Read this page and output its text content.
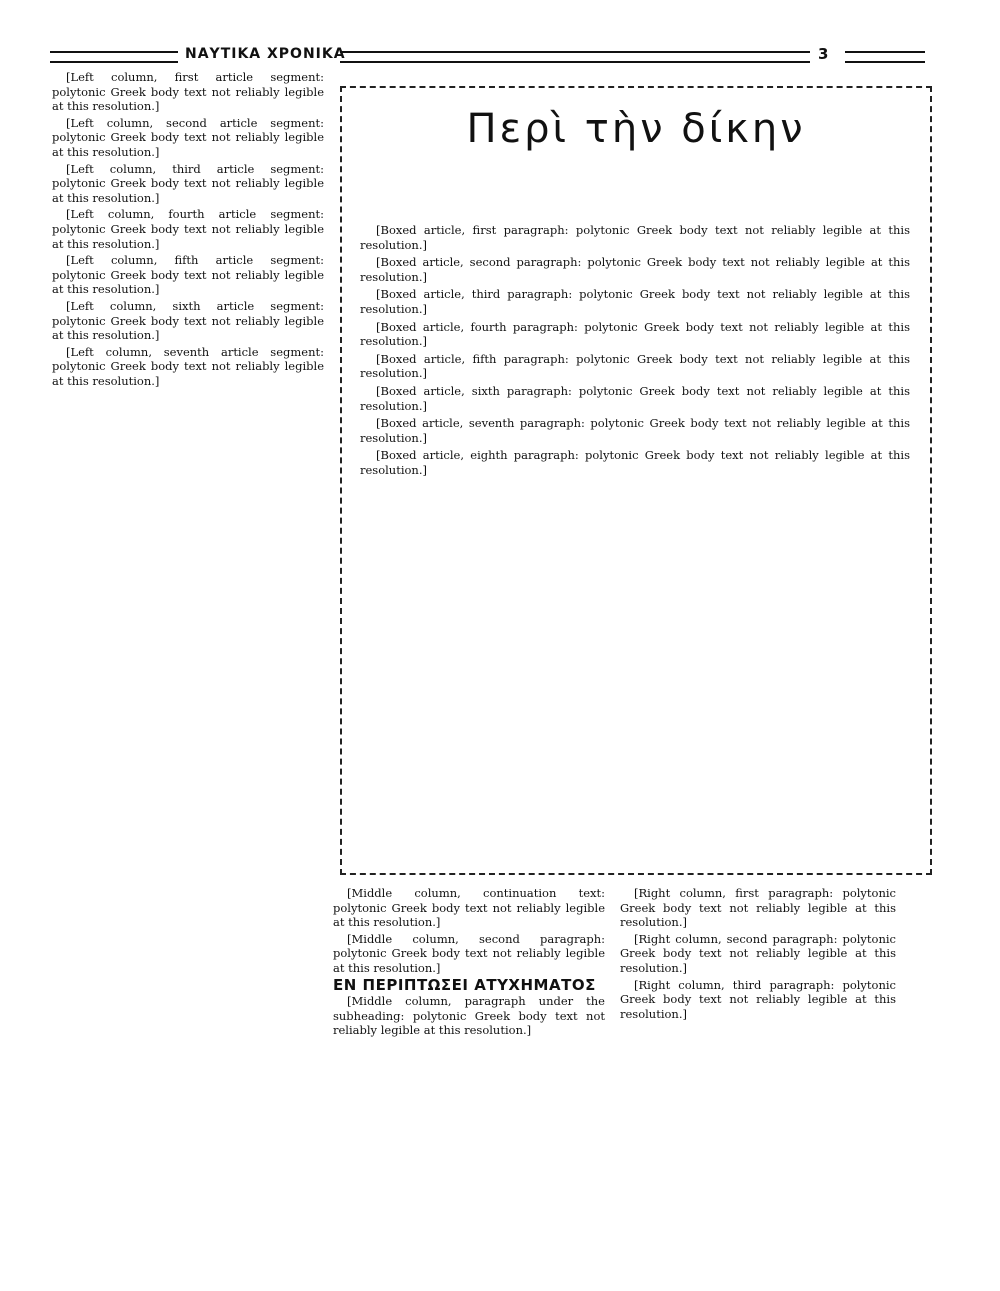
ΝΑΥΤΙΚΑ ΧΡΟΝΙΚΑ	3

[Left column, first article segment: polytonic Greek body text not reliably legible at this resolution.]

[Left column, second article segment: polytonic Greek body text not reliably legible at this resolution.]

[Left column, third article segment: polytonic Greek body text not reliably legible at this resolution.]

[Left column, fourth article segment: polytonic Greek body text not reliably legible at this resolution.]

[Left column, fifth article segment: polytonic Greek body text not reliably legible at this resolution.]

[Left column, sixth article segment: polytonic Greek body text not reliably legible at this resolution.]

[Left column, seventh article segment: polytonic Greek body text not reliably legible at this resolution.]

Περὶ τὴν δίκην

[Boxed article, first paragraph: polytonic Greek body text not reliably legible at this resolution.]

[Boxed article, second paragraph: polytonic Greek body text not reliably legible at this resolution.]

[Boxed article, third paragraph: polytonic Greek body text not reliably legible at this resolution.]

[Boxed article, fourth paragraph: polytonic Greek body text not reliably legible at this resolution.]

[Boxed article, fifth paragraph: polytonic Greek body text not reliably legible at this resolution.]

[Boxed article, sixth paragraph: polytonic Greek body text not reliably legible at this resolution.]

[Boxed article, seventh paragraph: polytonic Greek body text not reliably legible at this resolution.]

[Boxed article, eighth paragraph: polytonic Greek body text not reliably legible at this resolution.]

[Middle column, continuation text: polytonic Greek body text not reliably legible at this resolution.]

[Middle column, second paragraph: polytonic Greek body text not reliably legible at this resolution.]

ΕΝ ΠΕΡΙΠΤΩΣΕΙ ΑΤΥΧΗΜΑΤΟΣ

[Middle column, paragraph under the subheading: polytonic Greek body text not reliably legible at this resolution.]

[Right column, first paragraph: polytonic Greek body text not reliably legible at this resolution.]

[Right column, second paragraph: polytonic Greek body text not reliably legible at this resolution.]

[Right column, third paragraph: polytonic Greek body text not reliably legible at this resolution.]
